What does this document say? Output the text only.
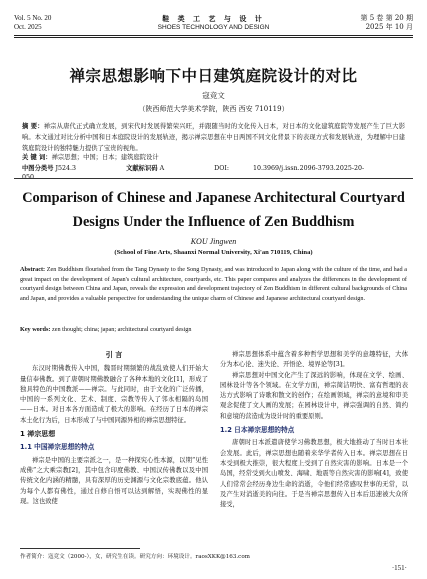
Vol. 5 No. 20
Oct. 2025
鞋 类 工 艺 与 设 计
SHOES TECHNOLOGY AND DESIGN
第 5 卷 第 20 期
2025 年 10 月
禅宗思想影响下中日建筑庭院设计的对比
寇竞文
（陕西师范大学美术学院，陕西 西安 710119）
摘 要：禅宗从唐代正式确立发展，到宋代时发展得繁荣兴旺，并跟随当时的文化传入日本，对日本的文化建筑庭院等发展产生了巨大影响。本文通过对比分析中国和日本庭院设计的发展轨迹，揭示禅宗思想在中日两国不同文化背景下的表现方式和发展轨迹，为理解中日建筑庭院设计的独特魅力提供了宝贵的视角。
关 键 词：禅宗思想；中国；日本；建筑庭院设计
中图分类号 J524.3	文献标识码 A	DOI:	10.3969/j.issn.2096-3793.2025-20-050
Comparison of Chinese and Japanese Architectural Courtyard
Designs Under the Influence of Zen Buddhism
KOU Jingwen
(School of Fine Arts, Shaanxi Normal University, Xi'an 710119, China)
Abstract: Zen Buddhism flourished from the Tang Dynasty to the Song Dynasty, and was introduced to Japan along with the culture of the time, and had a great impact on the development of Japan's cultural architecture, courtyards, etc. This paper compares and analyzes the differences in the development of courtyard design between China and Japan, reveals the expression and development trajectory of Zen Buddhism in different cultural backgrounds of China and Japan, and provides a valuable perspective for understanding the unique charm of Chinese and Japanese architectural courtyard design.
Key words: zen thought; china; japan; architectural courtyard design
引 言

东汉时期佛教传入中国，魏晋时期频繁的战乱致使人们开始大量信奉佛教。到了唐朝时期佛教融合了各种本地的文化[1]，形成了独具特色的中国教派——禅宗。与此同时，由于文化的广泛传播，中国的一系列文化、艺术、制度、宗教等传入了邻永相隔的岛国——日本。对日本各方面造成了极大的影响。在经历了日本的禅宗本土化行为后，日本形成了与中国同源异相的禅宗思想特征。

1 禅宗思想
1.1 中国禅宗思想的特点

禅宗是中国的主要宗派之一，是一种探究心性本源，以期“见性成佛”之大乘宗教[2]，其中包含印度佛教、中国汉传佛教以及中国传统文化内涵的精髓，具有深厚的历史渊源与文化宗教底蕴。他认为每个人都有佛性，通过自修自悟可以达到解悟，实现佛性的显现。这也致使

禅宗思想体系中蕴含着多种哲学思想和美学的意趣特征，大体分为本心论、迷失论、开悟论、境界论等[3]。

禅宗思想对中国文化产生了深远的影响，体现在文学、绘画、园林设计等各个领域。在文学方面，禅宗简洁明快、富有哲理的表达方式影响了诗歌和散文的创作；在绘画领域，禅宗的意境和审美观念促使了文人画的发展；在园林设计中，禅宗强调的自然、简约和意境的营造成为设计时的重要原则。

1.2 日本禅宗思想的特点

唐朝时日本派遣唐使学习佛教思想，极大地推动了当时日本社会发展。此后，禅宗思想也随着来华学者传入日本。禅宗思想在日本受到极大推崇，很大程度上受到了自然灾害的影响。日本是一个岛国，经常受到火山喷发、海啸、地震等自然灾害的影响[4]，致使人们常常会经历身边生命的消逝，令他们经常感叹世事的无常，以及产生对消逝美的向往。于是当禅宗思想传入日本后迅速被大众所接受，

作者简介：寇竞文（2000-），女，研究生在读。研究方向：环境设计。raosXKK@163.com
·151·
